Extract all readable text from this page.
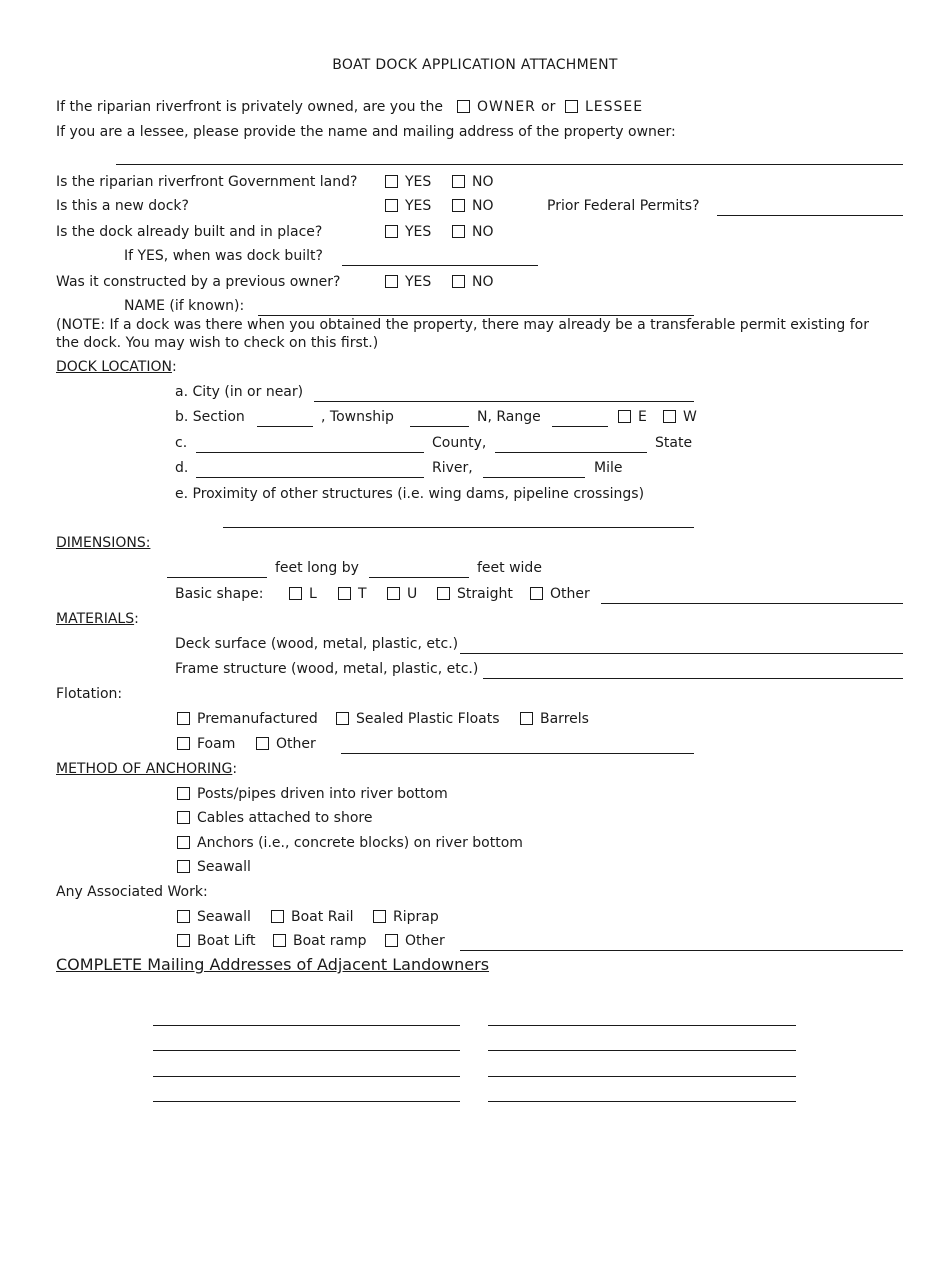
BOAT DOCK APPLICATION ATTACHMENT
If the riparian riverfront is privately owned, are you the OWNER or LESSEE
If you are a lessee, please provide the name and mailing address of the property owner:
Is the riparian riverfront Government land?	YES	NO
Is this a new dock?	YES	NO	Prior Federal Permits?
Is the dock already built and in place?	YES	NO
If YES, when was dock built?
Was it constructed by a previous owner?	YES	NO
NAME (if known):
(NOTE: If a dock was there when you obtained the property, there may already be a transferable permit existing for the dock. You may wish to check on this first.)
DOCK LOCATION:
a. City (in or near)
b. Section	, Township	N, Range	E	W
c.	County,	State
d.	River,	Mile
e. Proximity of other structures (i.e. wing dams, pipeline crossings)
DIMENSIONS:
feet long by	feet wide
Basic shape:	L	T	U	Straight	Other
MATERIALS:
Deck surface (wood, metal, plastic, etc.)
Frame structure (wood, metal, plastic, etc.)
Flotation:
Premanufactured	Sealed Plastic Floats	Barrels
Foam	Other
METHOD OF ANCHORING:
Posts/pipes driven into river bottom
Cables attached to shore
Anchors (i.e., concrete blocks) on river bottom
Seawall
Any Associated Work:
Seawall	Boat Rail	Riprap
Boat Lift	Boat ramp	Other
COMPLETE Mailing Addresses of Adjacent Landowners
